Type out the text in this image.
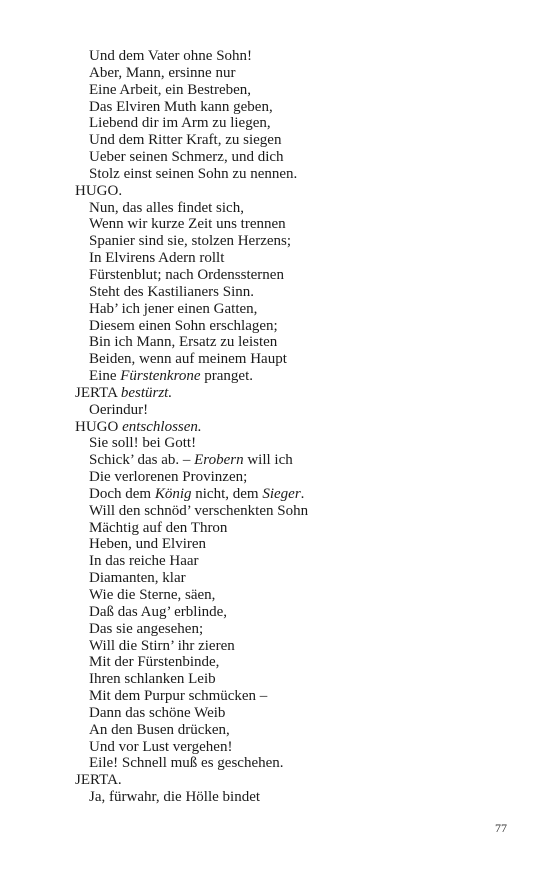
Und dem Vater ohne Sohn!
Aber, Mann, ersinne nur
Eine Arbeit, ein Bestreben,
Das Elviren Muth kann geben,
Liebend dir im Arm zu liegen,
Und dem Ritter Kraft, zu siegen
Ueber seinen Schmerz, und dich
Stolz einst seinen Sohn zu nennen.
HUGO.
Nun, das alles findet sich,
Wenn wir kurze Zeit uns trennen
Spanier sind sie, stolzen Herzens;
In Elvirens Adern rollt
Fürstenblut; nach Ordenssternen
Steht des Kastilianers Sinn.
Hab’ ich jener einen Gatten,
Diesem einen Sohn erschlagen;
Bin ich Mann, Ersatz zu leisten
Beiden, wenn auf meinem Haupt
Eine Fürstenkrone pranget.
JERTA bestürzt.
Oerindur!
HUGO entschlossen.
Sie soll! bei Gott!
Schick’ das ab. – Erobern will ich
Die verlorenen Provinzen;
Doch dem König nicht, dem Sieger.
Will den schnöd’ verschenkten Sohn
Mächtig auf den Thron
Heben, und Elviren
In das reiche Haar
Diamanten, klar
Wie die Sterne, säen,
Daß das Aug’ erblinde,
Das sie angesehen;
Will die Stirn’ ihr zieren
Mit der Fürstenbinde,
Ihren schlanken Leib
Mit dem Purpur schmücken –
Dann das schöne Weib
An den Busen drücken,
Und vor Lust vergehen!
Eile! Schnell muß es geschehen.
JERTA.
Ja, fürwahr, die Hölle bindet
77
